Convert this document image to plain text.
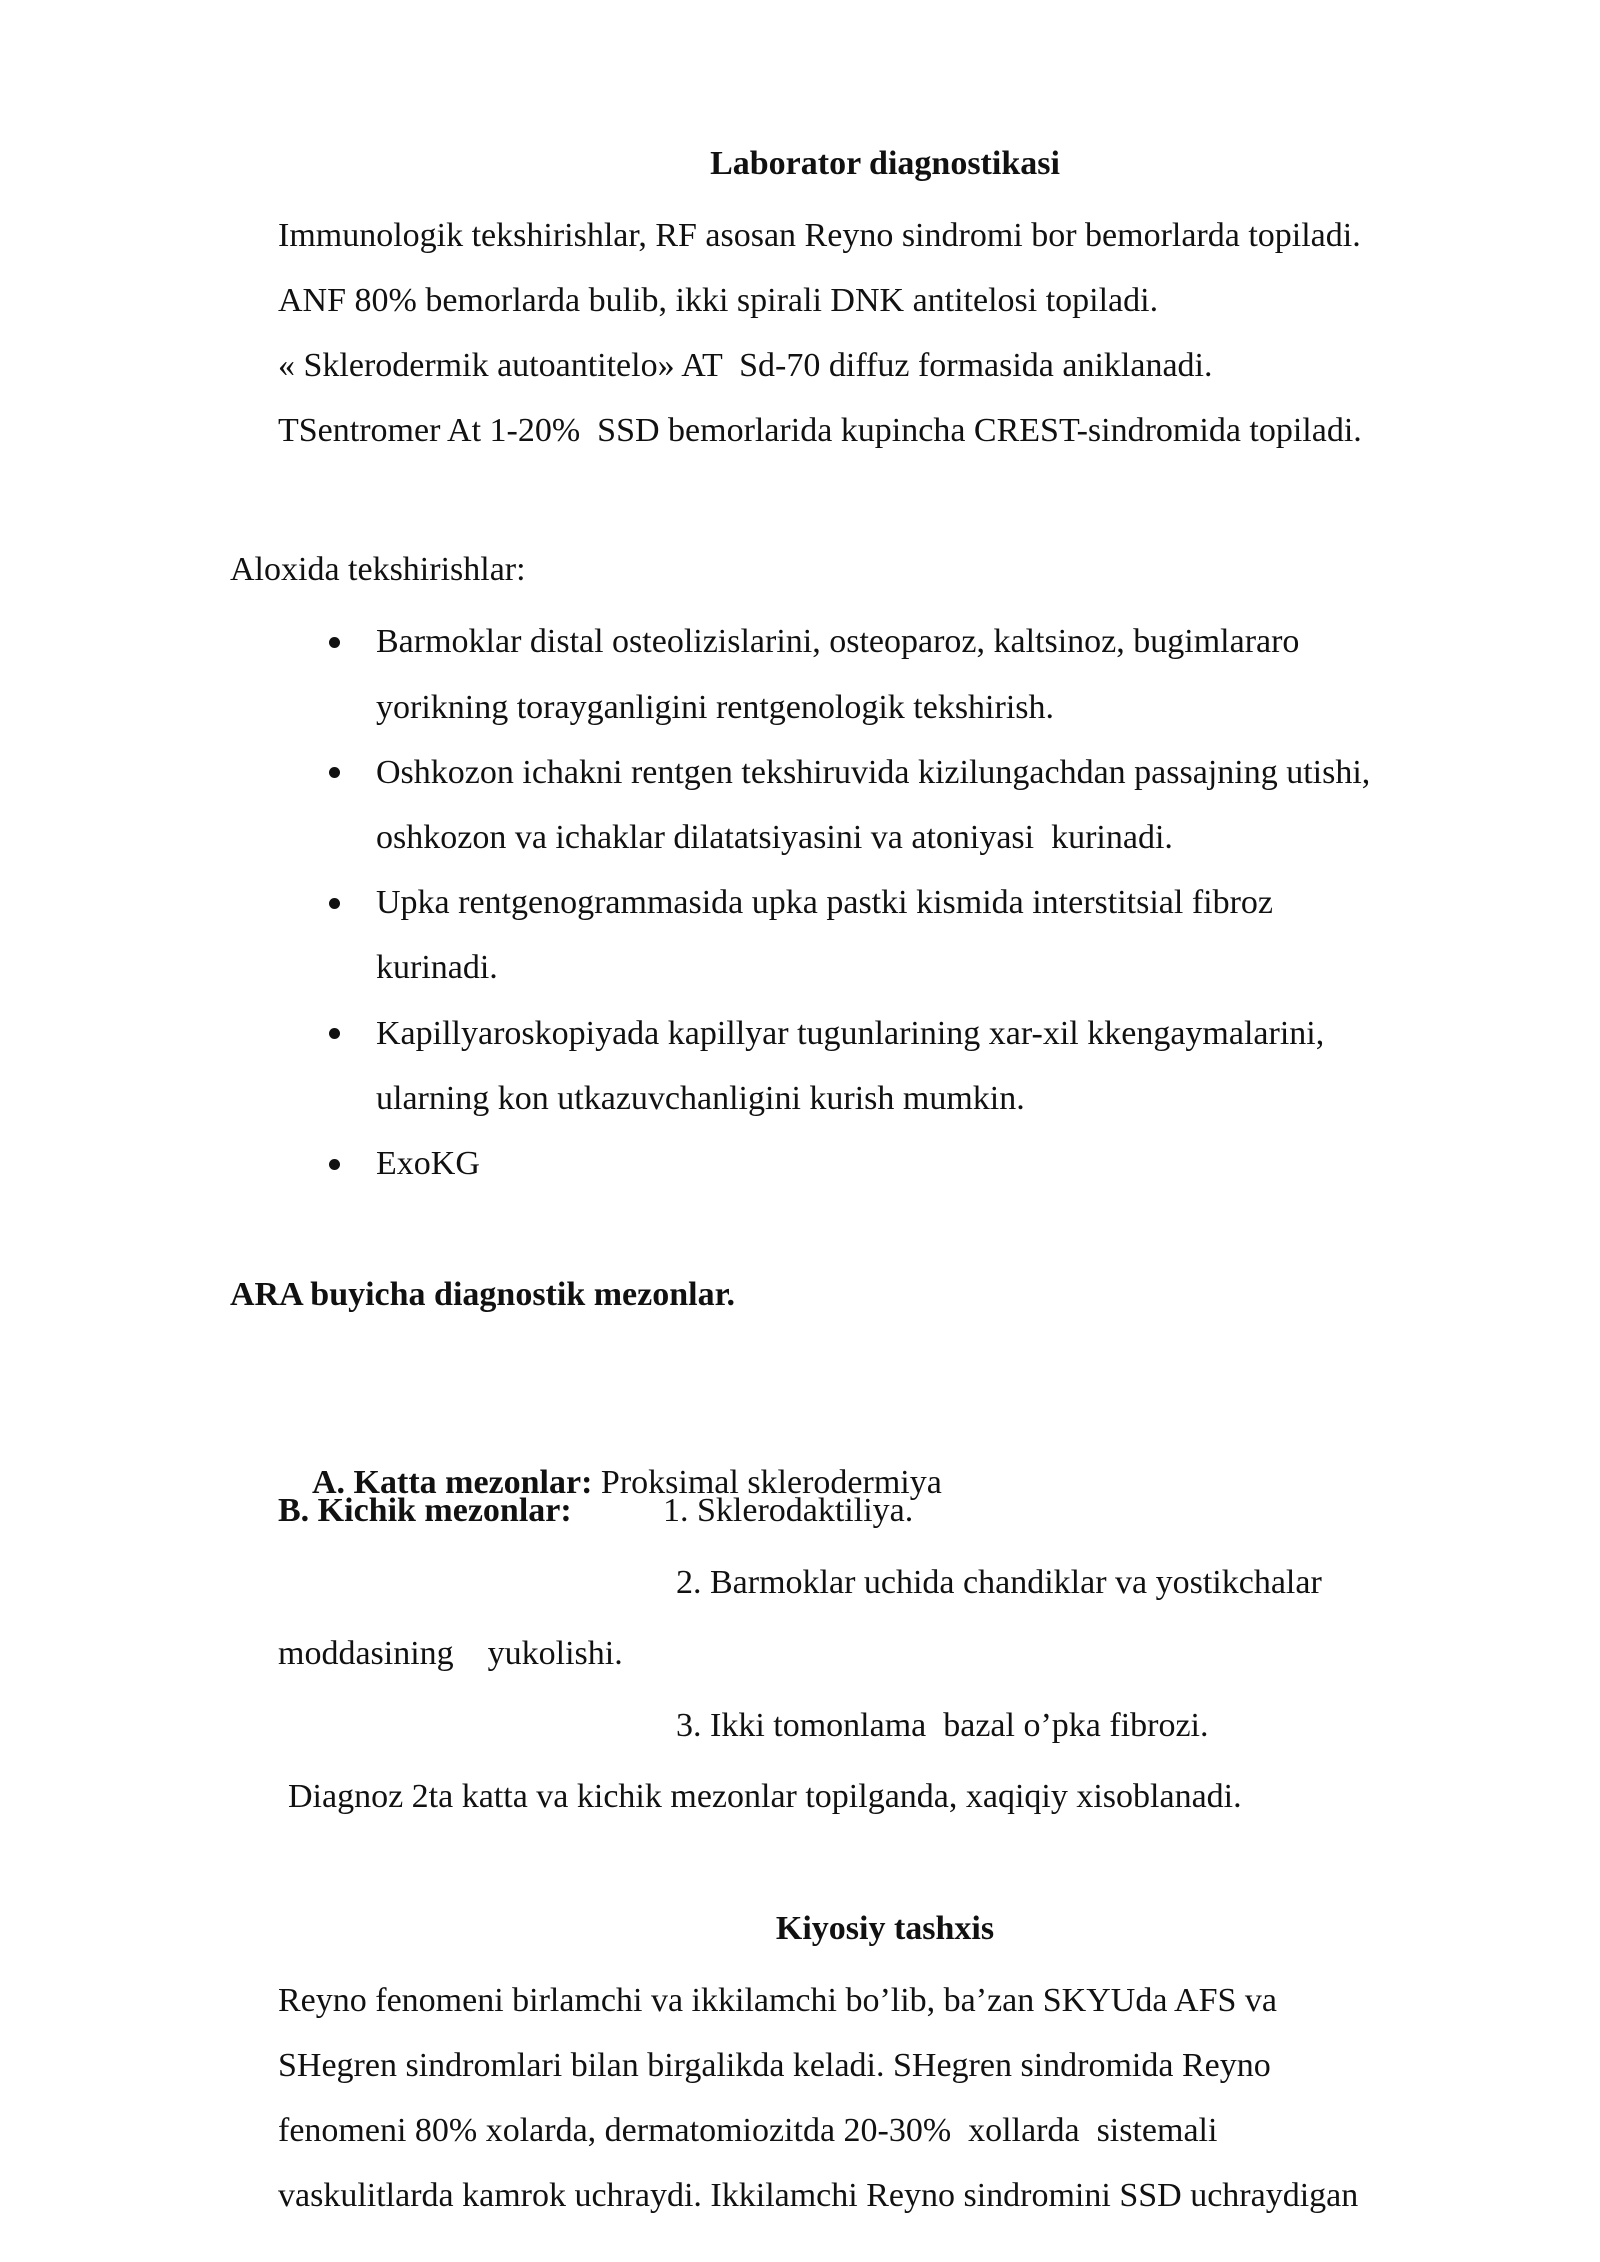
Laborator diagnostikasi
Immunologik tekshirishlar, RF asosan Reyno sindromi bor bemorlarda topiladi.
ANF 80% bemorlarda bulib, ikki spirali DNK antitelosi topiladi.
« Sklerodermik autoantitelo» AT  Sd-70 diffuz formasida aniklanadi.
TSentromer At 1-20%  SSD bemorlarida kupincha CREST-sindromida topiladi.
Aloxida tekshirishlar:
Barmoklar distal osteolizislarini, osteoparoz, kaltsinoz, bugimlararo
yorikning torayganligini rentgenologik tekshirish.
Oshkozon ichakni rentgen tekshiruvida kizilungachdan passajning utishi,
oshkozon va ichaklar dilatatsiyasini va atoniyasi  kurinadi.
Upka rentgenogrammasida upka pastki kismida interstitsial fibroz
kurinadi.
Kapillyaroskopiyada kapillyar tugunlarining xar-xil kkengaymalarini,
ularning kon utkazuvchanligini kurish mumkin.
ExoKG
ARA buyicha diagnostik mezonlar.

A. Katta mezonlar: Proksimal sklerodermiya

B. Kichik mezonlar:	1. Sklerodaktiliya.
2. Barmoklar uchida chandiklar va yostikchalar
moddasining    yukolishi.
3. Ikki tomonlama  bazal o’pka fibrozi.
Diagnoz 2ta katta va kichik mezonlar topilganda, xaqiqiy xisoblanadi.
Kiyosiy tashxis
Reyno fenomeni birlamchi va ikkilamchi bo’lib, ba’zan SKYUda AFS va
SHegren sindromlari bilan birgalikda keladi. SHegren sindromida Reyno
fenomeni 80% xolarda, dermatomiozitda 20-30%  xollarda  sistemali
vaskulitlarda kamrok uchraydi. Ikkilamchi Reyno sindromini SSD uchraydigan
